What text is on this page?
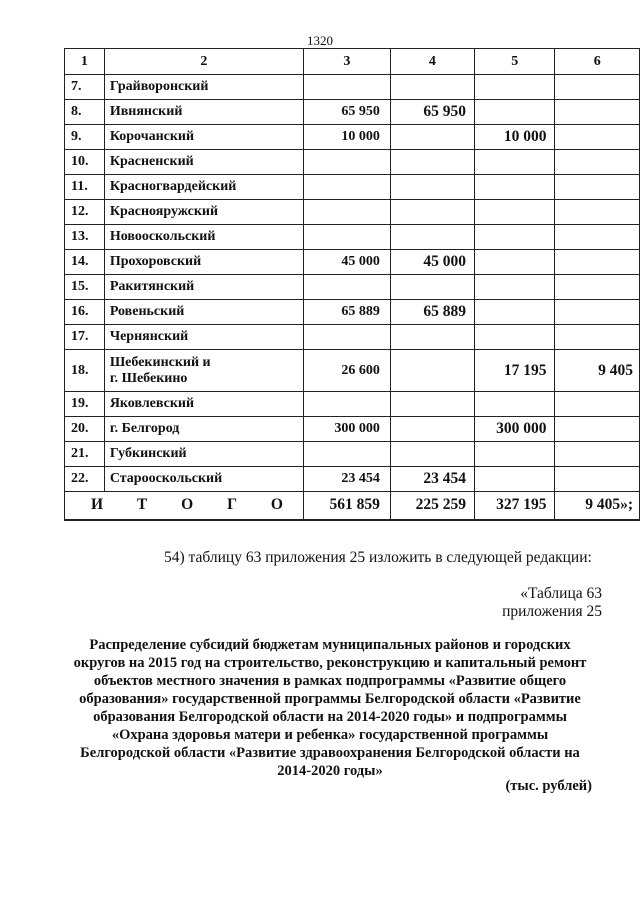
1320
1	2	3	4	5	6
7.	Грайворонский				
8.	Ивнянский	65 950	65 950		
9.	Корочанский	10 000		10 000	
10.	Красненский				
11.	Красногвардейский				
12.	Краснояружский				
13.	Новооскольский				
14.	Прохоровский	45 000	45 000		
15.	Ракитянский				
16.	Ровеньский	65 889	65 889		
17.	Чернянский				
18.	Шебекинский и
г. Шебекино	26 600		17 195	9 405
19.	Яковлевский				
20.	г. Белгород	300 000		300 000	
21.	Губкинский				
22.	Старооскольский	23 454	23 454		
И Т О Г О		561 859	225 259	327 195	9 405»;
54) таблицу 63 приложения 25 изложить в следующей редакции:
«Таблица 63
приложения 25
Распределение субсидий бюджетам муниципальных районов и городских округов на 2015 год на строительство, реконструкцию и капитальный ремонт объектов местного значения в рамках подпрограммы «Развитие общего образования» государственной программы Белгородской области «Развитие образования Белгородской области на 2014-2020 годы» и подпрограммы «Охрана здоровья матери и ребенка» государственной программы Белгородской области «Развитие здравоохранения Белгородской области на 2014-2020 годы»
(тыс. рублей)
